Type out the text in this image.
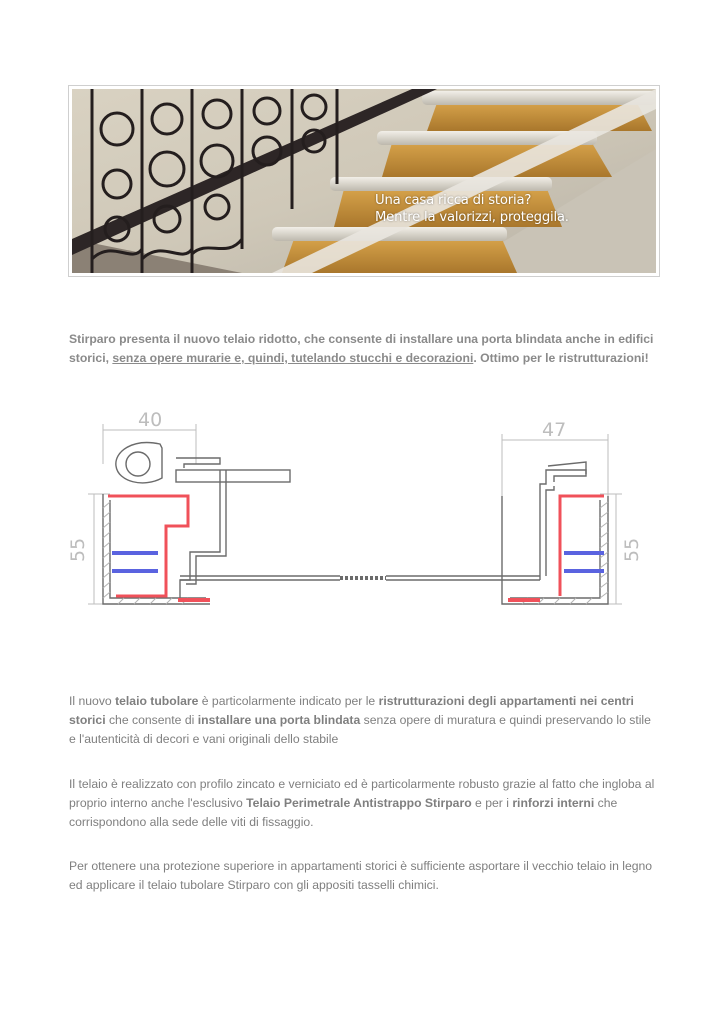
Una casa ricca di storia?
Mentre la valorizzi, proteggila.
Stirparo presenta il nuovo telaio ridotto, che consente di installare una porta blindata anche in edifici storici, senza opere murarie e, quindi, tutelando stucchi e decorazioni. Ottimo per le ristrutturazioni!
40	47
55	55
Il nuovo telaio tubolare è particolarmente indicato per le ristrutturazioni degli appartamenti nei centri storici che consente di installare una porta blindata senza opere di muratura e quindi preservando lo stile e l'autenticità di decori e vani originali dello stabile
Il telaio è realizzato con profilo zincato e verniciato ed è particolarmente robusto grazie al fatto che ingloba al proprio interno anche l'esclusivo Telaio Perimetrale Antistrappo Stirparo e per i rinforzi interni che corrispondono alla sede delle viti di fissaggio.
Per ottenere una protezione superiore in appartamenti storici è sufficiente asportare il vecchio telaio in legno ed applicare il telaio tubolare Stirparo con gli appositi tasselli chimici.
